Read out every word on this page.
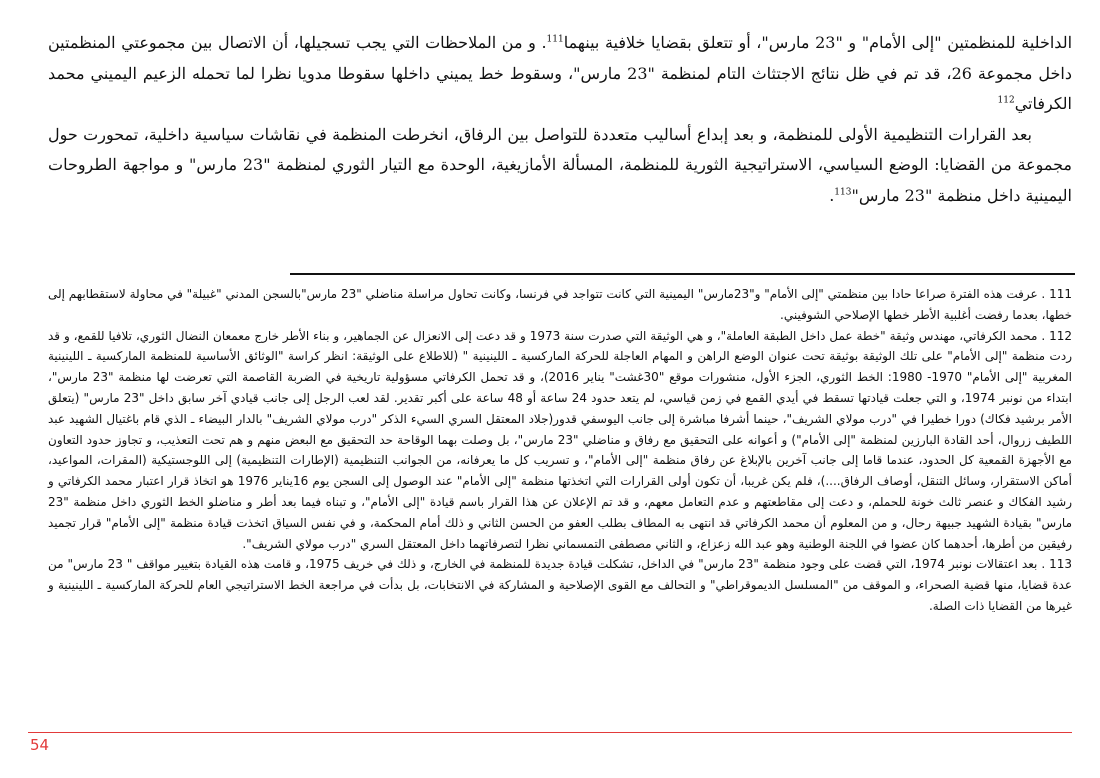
الداخلية للمنظمتين "إلى الأمام" و "23 مارس"، أو تتعلق بقضايا خلافية بينهما$^{111}$. و من الملاحظات التي يجب تسجيلها، أن الاتصال بين مجموعتي المنظمتين داخل مجموعة 26، قد تم في ظل نتائج الاجتثاث التام لمنظمة "23 مارس"، وسقوط خط يميني داخلها سقوطا مدويا نظرا لما تحمله الزعيم اليميني محمد الكرفاتي$^{112}$

بعد القرارات التنظيمية الأولى للمنظمة، و بعد إبداع أساليب متعددة للتواصل بين الرفاق، انخرطت المنظمة في نقاشات سياسية داخلية، تمحورت حول مجموعة من القضايا: الوضع السياسي، الاستراتيجية الثورية للمنظمة، المسألة الأمازيغية، الوحدة مع التيار الثوري لمنظمة "23 مارس" و مواجهة الطروحات اليمينية داخل منظمة "23 مارس"$^{113}$.

111 . عرفت هذه الفترة صراعا حادا بين منظمتي "إلى الأمام" و"23مارس" اليمينية التي كانت تتواجد في فرنسا، وكانت تحاول مراسلة مناضلي "23 مارس"بالسجن المدني "غبيلة" في محاولة لاستقطابهم إلى خطها، بعدما رفضت أغلبية الأطر خطها الإصلاحي الشوفيني.

112 . محمد الكرفاتي، مهندس وثيقة "خطة عمل داخل الطبقة العاملة"، و هي الوثيقة التي صدرت سنة 1973 و قد دعت إلى الانعزال عن الجماهير، و بناء الأطر خارج معمعان النضال الثوري، تلافيا للقمع، و قد ردت منظمة "إلى الأمام" على تلك الوثيقة بوثيقة تحت عنوان الوضع الراهن و المهام العاجلة للحركة الماركسية ـ اللينينية " (للاطلاع على الوثيقة: انظر كراسة "الوثائق الأساسية للمنظمة الماركسية ـ اللينينية المغربية "إلى الأمام" 1970- 1980: الخط الثوري، الجزء الأول، منشورات موقع "30غشت" يناير 2016)، و قد تحمل الكرفاتي مسؤولية تاريخية في الضربة القاصمة التي تعرضت لها منظمة "23 مارس"، ابتداء من نونبر 1974، و التي جعلت قيادتها تسقط في أيدي القمع في زمن قياسي، لم يتعد حدود 24 ساعة أو 48 ساعة على أكبر تقدير. لقد لعب الرجل إلى جانب قيادي آخر سابق داخل "23 مارس" (يتعلق الأمر برشيد فكاك) دورا خطيرا في "درب مولاي الشريف"، حينما أشرفا مباشرة إلى جانب اليوسفي قدور(جلاد المعتقل السري السيء الذكر "درب مولاي الشريف" بالدار البيضاء ـ الذي قام باغتيال الشهيد عبد اللطيف زروال، أحد القادة البارزين لمنظمة "إلى الأمام") و أعوانه على التحقيق مع رفاق و مناضلي "23 مارس"، بل وصلت بهما الوقاحة حد التحقيق مع البعض منهم و هم تحت التعذيب، و تجاوز حدود التعاون مع الأجهزة القمعية كل الحدود، عندما قاما إلى جانب آخرين بالإبلاغ عن رفاق منظمة "إلى الأمام"، و تسريب كل ما يعرفانه، من الجوانب التنظيمية (الإطارات التنظيمية) إلى اللوجستيكية (المقرات، المواعيد، أماكن الاستقرار، وسائل التنقل، أوصاف الرفاق....)، فلم يكن غريبا، أن تكون أولى القرارات التي اتخذتها منظمة "إلى الأمام" عند الوصول إلى السجن يوم 16يناير 1976 هو اتخاذ قرار اعتبار محمد الكرفاتي و رشيد الفكاك و عنصر ثالث خونة للحملم، و دعت إلى مقاطعتهم و عدم التعامل معهم، و قد تم الإعلان عن هذا القرار باسم قيادة "إلى الأمام"، و تبناه فيما بعد أطر و مناضلو الخط الثوري داخل منظمة "23 مارس" بقيادة الشهيد جبيهة رحال، و من المعلوم أن محمد الكرفاتي قد انتهى به المطاف بطلب العفو من الحسن الثاني و ذلك أمام المحكمة، و في نفس السياق اتخذت قيادة منظمة "إلى الأمام" قرار تجميد رفيقين من أطرها، أحدهما كان عضوا في اللجنة الوطنية وهو عبد الله زعزاع، و الثاني مصطفى التمسماني نظرا لتصرفاتهما داخل المعتقل السري "درب مولاي الشريف".

113 . بعد اعتقالات نونبر 1974، التي قضت على وجود منظمة "23 مارس" في الداخل، تشكلت قيادة جديدة للمنظمة في الخارج، و ذلك في خريف 1975، و قامت هذه القيادة بتغيير مواقف " 23 مارس" من عدة قضايا، منها قضية الصحراء، و الموقف من "المسلسل الديموقراطي" و التحالف مع القوى الإصلاحية و المشاركة في الانتخابات، بل بدأت في مراجعة الخط الاستراتيجي العام للحركة الماركسية ـ اللينينية و غيرها من القضايا ذات الصلة.

54
